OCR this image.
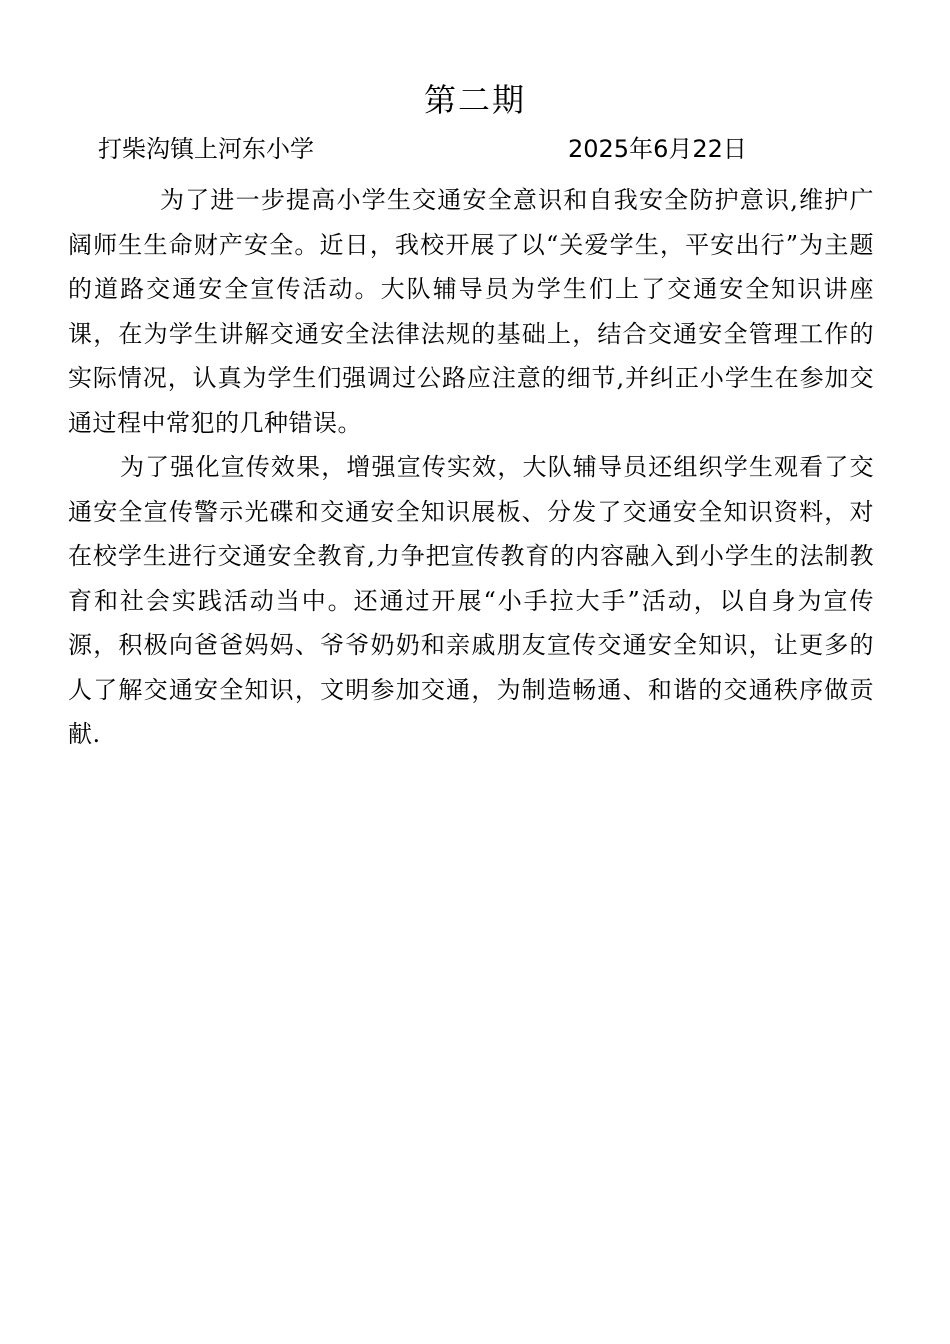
第二期
打柴沟镇上河东小学	2025年6月22日

为了进一步提高小学生交通安全意识和自我安全防护意识,维护广阔师生生命财产安全。近日，我校开展了以“关爱学生，平安出行”为主题的道路交通安全宣传活动。大队辅导员为学生们上了交通安全知识讲座课，在为学生讲解交通安全法律法规的基础上，结合交通安全管理工作的实际情况，认真为学生们强调过公路应注意的细节,并纠正小学生在参加交通过程中常犯的几种错误。

为了强化宣传效果，增强宣传实效，大队辅导员还组织学生观看了交通安全宣传警示光碟和交通安全知识展板、分发了交通安全知识资料，对在校学生进行交通安全教育,力争把宣传教育的内容融入到小学生的法制教育和社会实践活动当中。还通过开展“小手拉大手”活动，以自身为宣传源，积极向爸爸妈妈、爷爷奶奶和亲戚朋友宣传交通安全知识，让更多的人了解交通安全知识，文明参加交通，为制造畅通、和谐的交通秩序做贡献.
